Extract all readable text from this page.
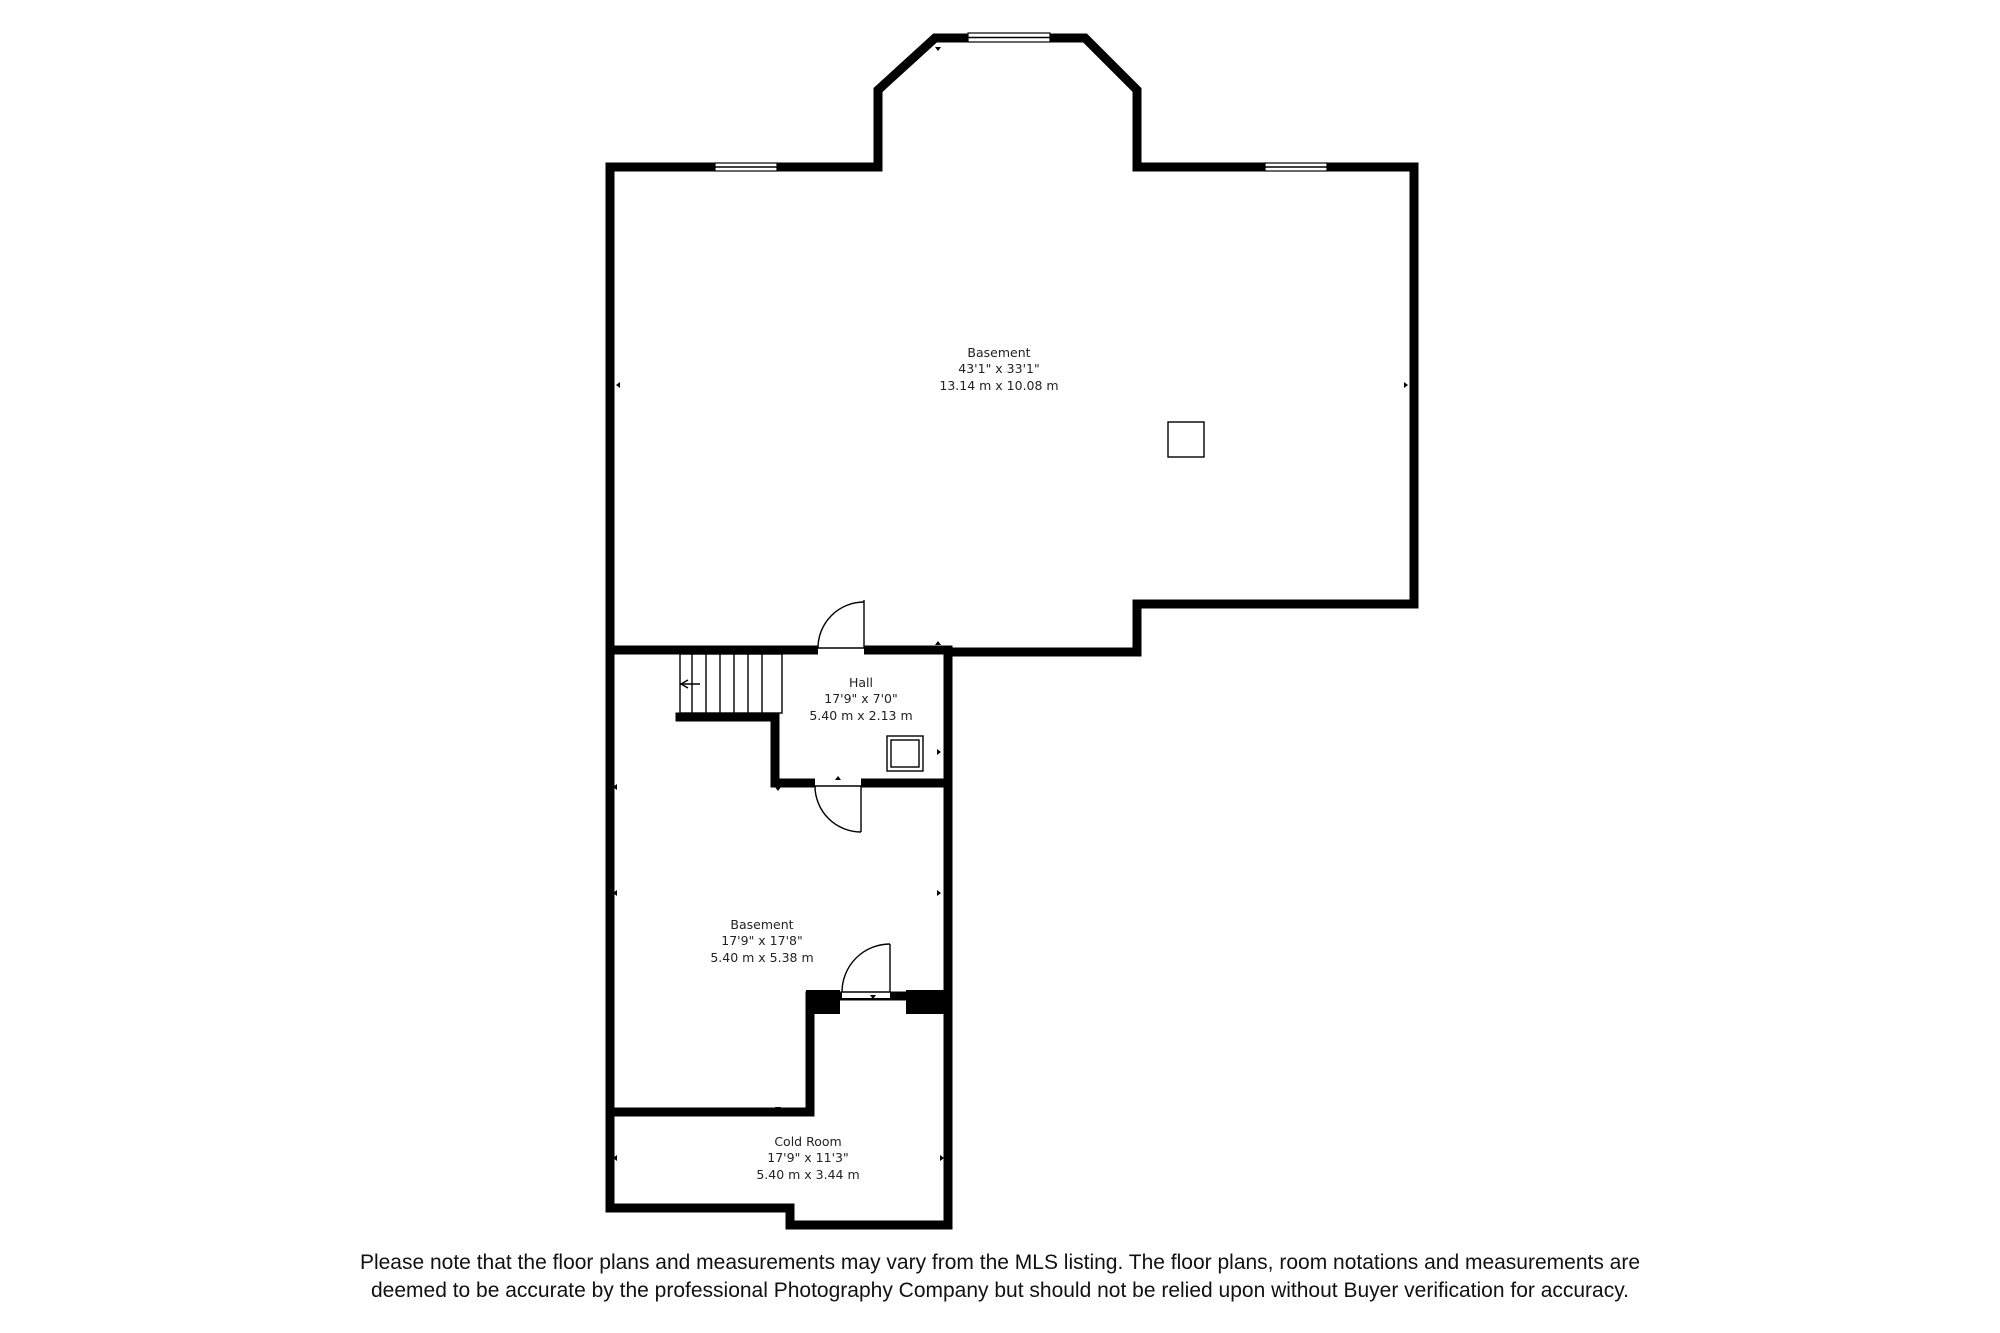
Basement
43'1" x 33'1"
13.14 m x 10.08 m
Hall
17'9" x 7'0"
5.40 m x 2.13 m
Basement
17'9" x 17'8"
5.40 m x 5.38 m
Cold Room
17'9" x 11'3"
5.40 m x 3.44 m
Please note that the floor plans and measurements may vary from the MLS listing. The floor plans, room notations and measurements are
deemed to be accurate by the professional Photography Company but should not be relied upon without Buyer verification for accuracy.
